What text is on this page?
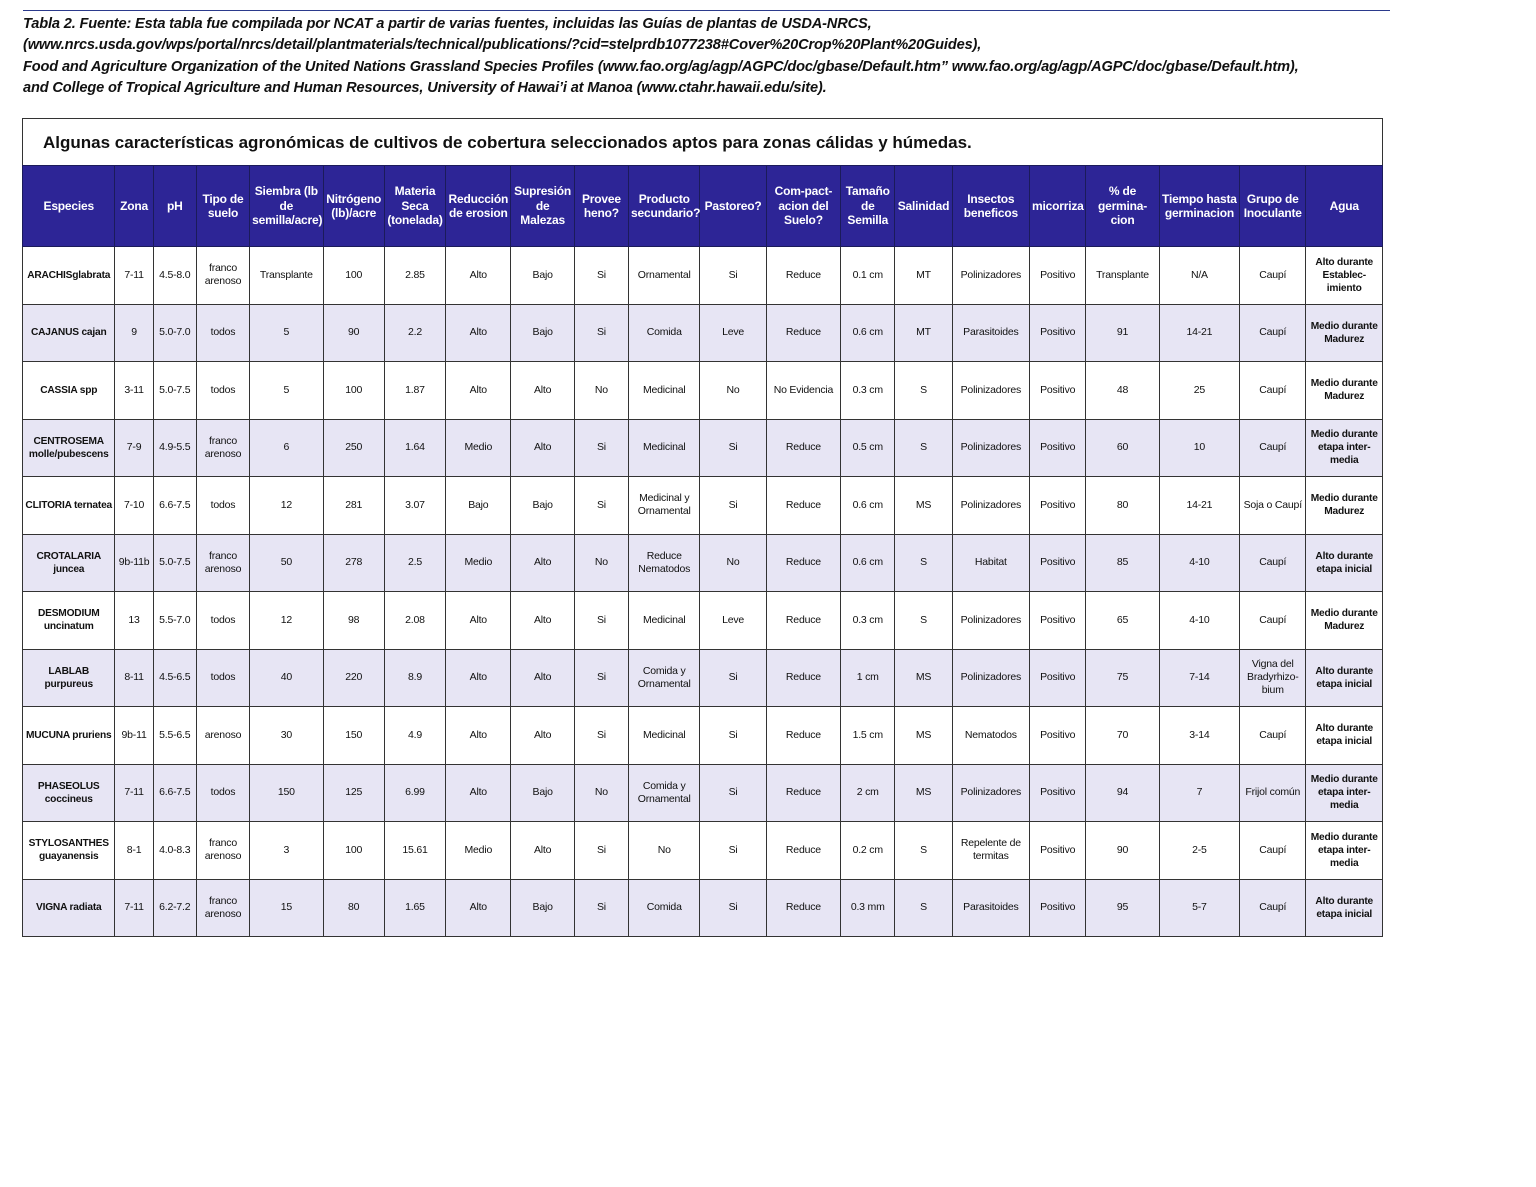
Tabla 2. Fuente: Esta tabla fue compilada por NCAT a partir de varias fuentes, incluidas las Guías de plantas de USDA-NRCS,
(www.nrcs.usda.gov/wps/portal/nrcs/detail/plantmaterials/technical/publications/?cid=stelprdb1077238#Cover%20Crop%20Plant%20Guides),
Food and Agriculture Organization of the United Nations Grassland Species Profiles (www.fao.org/ag/agp/AGPC/doc/gbase/Default.htm” www.fao.org/ag/agp/AGPC/doc/gbase/Default.htm),
and College of Tropical Agriculture and Human Resources, University of Hawai’i at Manoa (www.ctahr.hawaii.edu/site).
Algunas características agronómicas de cultivos de cobertura seleccionados aptos para zonas cálidas y húmedas.
Especies	Zona	pH	Tipo de suelo	Siembra (lb de semilla/acre)	Nitrógeno (lb)/acre	Materia Seca (tonelada)	Reducción de erosion	Supresión de Malezas	Provee heno?	Producto secundario?	Pastoreo?	Com-pact-acion del Suelo?	Tamaño de Semilla	Salinidad	Insectos beneficos	micorriza	% de germina-cion	Tiempo hasta germinacion	Grupo de Inoculante	Agua
ARACHISglabrata	7-11	4.5-8.0	franco arenoso	Transplante	100	2.85	Alto	Bajo	Si	Ornamental	Si	Reduce	0.1 cm	MT	Polinizadores	Positivo	Transplante	N/A	Caupí	Alto durante Establec-imiento
CAJANUS cajan	9	5.0-7.0	todos	5	90	2.2	Alto	Bajo	Si	Comida	Leve	Reduce	0.6 cm	MT	Parasitoides	Positivo	91	14-21	Caupí	Medio durante Madurez
CASSIA spp	3-11	5.0-7.5	todos	5	100	1.87	Alto	Alto	No	Medicinal	No	No Evidencia	0.3 cm	S	Polinizadores	Positivo	48	25	Caupí	Medio durante Madurez
CENTROSEMA molle/pubescens	7-9	4.9-5.5	franco arenoso	6	250	1.64	Medio	Alto	Si	Medicinal	Si	Reduce	0.5 cm	S	Polinizadores	Positivo	60	10	Caupí	Medio durante etapa inter-media
CLITORIA ternatea	7-10	6.6-7.5	todos	12	281	3.07	Bajo	Bajo	Si	Medicinal y Ornamental	Si	Reduce	0.6 cm	MS	Polinizadores	Positivo	80	14-21	Soja o Caupí	Medio durante Madurez
CROTALARIA juncea	9b-11b	5.0-7.5	franco arenoso	50	278	2.5	Medio	Alto	No	Reduce Nematodos	No	Reduce	0.6 cm	S	Habitat	Positivo	85	4-10	Caupí	Alto durante etapa inicial
DESMODIUM uncinatum	13	5.5-7.0	todos	12	98	2.08	Alto	Alto	Si	Medicinal	Leve	Reduce	0.3 cm	S	Polinizadores	Positivo	65	4-10	Caupí	Medio durante Madurez
LABLAB purpureus	8-11	4.5-6.5	todos	40	220	8.9	Alto	Alto	Si	Comida y Ornamental	Si	Reduce	1 cm	MS	Polinizadores	Positivo	75	7-14	Vigna del Bradyrhizo-bium	Alto durante etapa inicial
MUCUNA pruriens	9b-11	5.5-6.5	arenoso	30	150	4.9	Alto	Alto	Si	Medicinal	Si	Reduce	1.5 cm	MS	Nematodos	Positivo	70	3-14	Caupí	Alto durante etapa inicial
PHASEOLUS coccineus	7-11	6.6-7.5	todos	150	125	6.99	Alto	Bajo	No	Comida y Ornamental	Si	Reduce	2 cm	MS	Polinizadores	Positivo	94	7	Frijol común	Medio durante etapa inter-media
STYLOSANTHES guayanensis	8-1	4.0-8.3	franco arenoso	3	100	15.61	Medio	Alto	Si	No	Si	Reduce	0.2 cm	S	Repelente de termitas	Positivo	90	2-5	Caupí	Medio durante etapa inter-media
VIGNA radiata	7-11	6.2-7.2	franco arenoso	15	80	1.65	Alto	Bajo	Si	Comida	Si	Reduce	0.3 mm	S	Parasitoides	Positivo	95	5-7	Caupí	Alto durante etapa inicial
